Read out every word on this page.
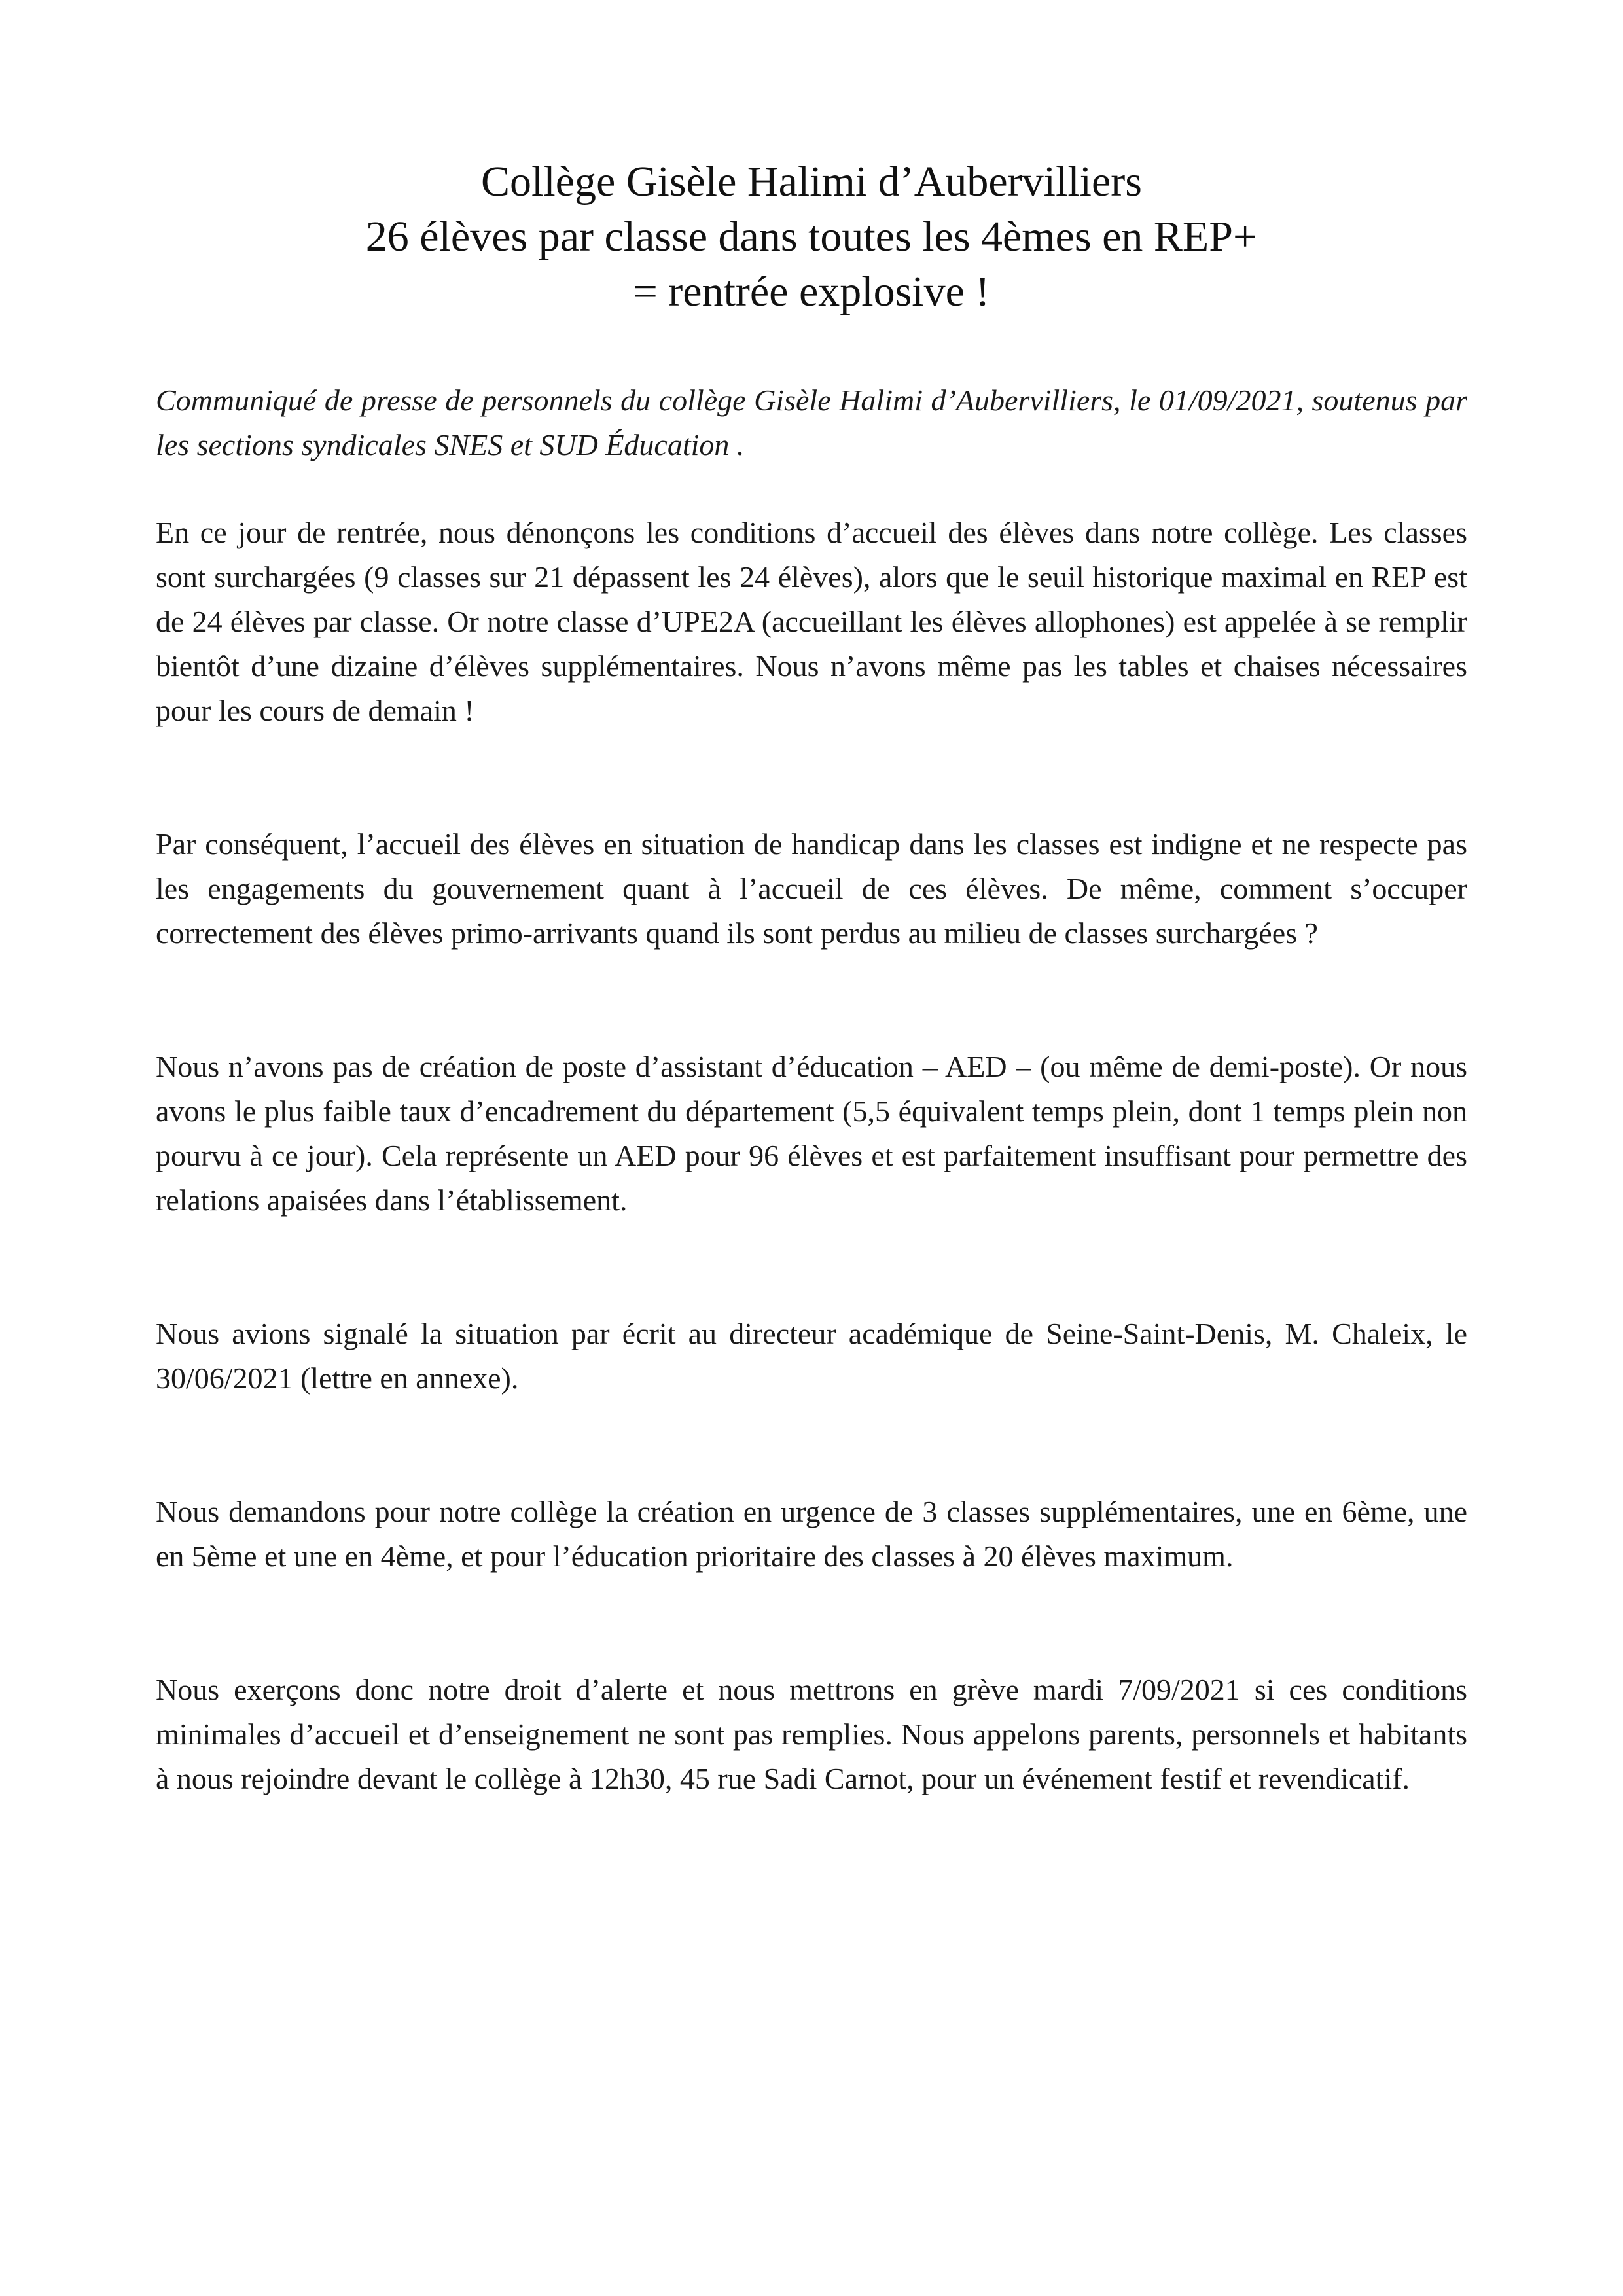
Collège Gisèle Halimi d’Aubervilliers
26 élèves par classe dans toutes les 4èmes en REP+
= rentrée explosive !

Communiqué de presse de personnels du collège Gisèle Halimi d’Aubervilliers, le 01/09/2021, soutenus par les sections syndicales SNES et SUD Éducation .

En ce jour de rentrée, nous dénonçons les conditions d’accueil des élèves dans notre collège. Les classes sont surchargées (9 classes sur 21 dépassent les 24 élèves), alors que le seuil historique maximal en REP est de 24 élèves par classe. Or notre classe d’UPE2A (accueillant les élèves allophones) est appelée à se remplir bientôt d’une dizaine d’élèves supplémentaires. Nous n’avons même pas les tables et chaises nécessaires pour les cours de demain !

Par conséquent, l’accueil des élèves en situation de handicap dans les classes est indigne et ne respecte pas les engagements du gouvernement quant à l’accueil de ces élèves. De même, comment s’occuper correctement des élèves primo-arrivants quand ils sont perdus au milieu de classes surchargées ?

Nous n’avons pas de création de poste d’assistant d’éducation – AED – (ou même de demi-poste). Or nous avons le plus faible taux d’encadrement du département (5,5 équivalent temps plein, dont 1 temps plein non pourvu à ce jour). Cela représente un AED pour 96 élèves et est parfaitement insuffisant pour permettre des relations apaisées dans l’établissement.

Nous avions signalé la situation par écrit au directeur académique de Seine-Saint-Denis, M. Chaleix, le 30/06/2021 (lettre en annexe).

Nous demandons pour notre collège la création en urgence de 3 classes supplémentaires, une en 6ème, une en 5ème et une en 4ème, et pour l’éducation prioritaire des classes à 20 élèves maximum.

Nous exerçons donc notre droit d’alerte et nous mettrons en grève mardi 7/09/2021 si ces conditions minimales d’accueil et d’enseignement ne sont pas remplies. Nous appelons parents, personnels et habitants à nous rejoindre devant le collège à 12h30, 45 rue Sadi Carnot, pour un événement festif et revendicatif.
